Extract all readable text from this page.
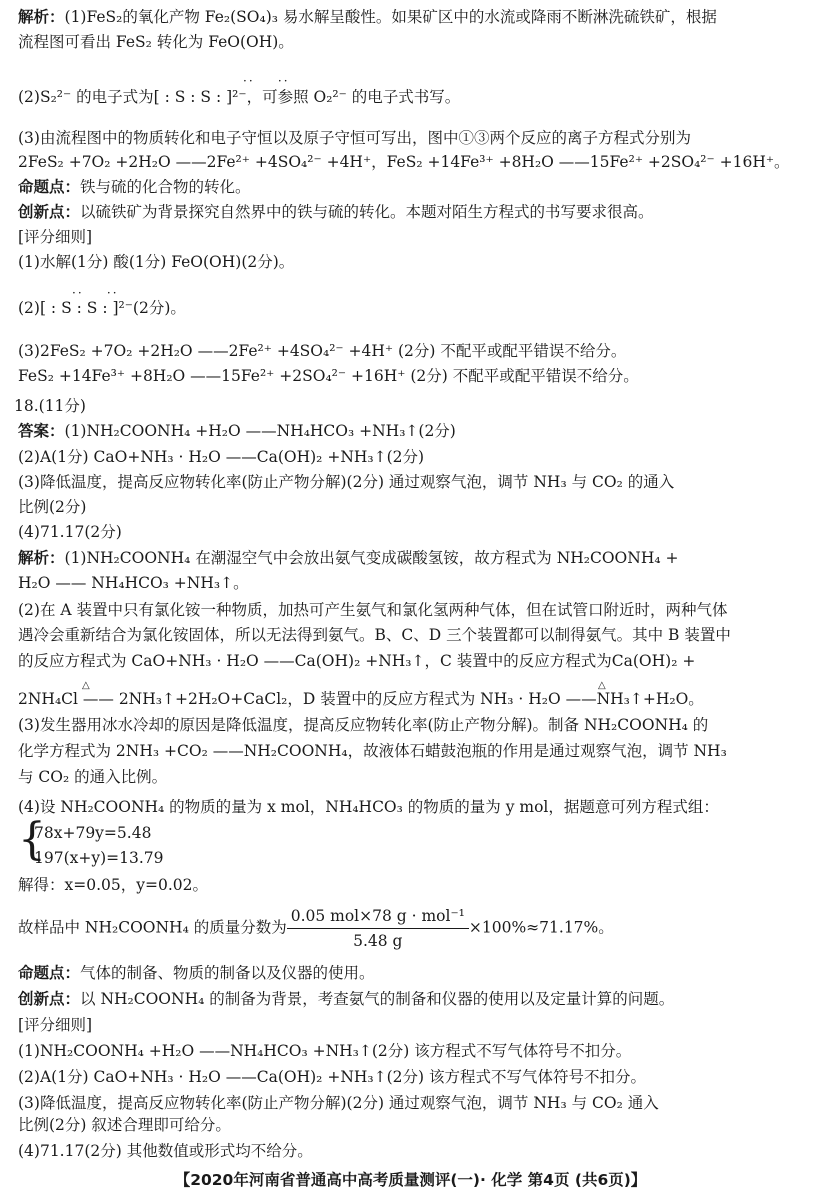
解析：(1)FeS₂的氧化产物 Fe₂(SO₄)₃ 易水解呈酸性。如果矿区中的水流或降雨不断淋洗硫铁矿，根据
流程图可看出 FeS₂ 转化为 FeO(OH)。
··    ··
(2)S₂²⁻ 的电子式为[ : S : S : ]²⁻，可参照 O₂²⁻ 的电子式书写。
(3)由流程图中的物质转化和电子守恒以及原子守恒可写出，图中①③两个反应的离子方程式分别为
2FeS₂ +7O₂ +2H₂O ——2Fe²⁺ +4SO₄²⁻ +4H⁺，FeS₂ +14Fe³⁺ +8H₂O ——15Fe²⁺ +2SO₄²⁻ +16H⁺。
命题点：铁与硫的化合物的转化。
创新点：以硫铁矿为背景探究自然界中的铁与硫的转化。本题对陌生方程式的书写要求很高。
[评分细则]
(1)水解(1分) 酸(1分) FeO(OH)(2分)。
··    ··
(2)[ : S : S : ]²⁻(2分)。
(3)2FeS₂ +7O₂ +2H₂O ——2Fe²⁺ +4SO₄²⁻ +4H⁺ (2分) 不配平或配平错误不给分。
FeS₂ +14Fe³⁺ +8H₂O ——15Fe²⁺ +2SO₄²⁻ +16H⁺ (2分) 不配平或配平错误不给分。
18.(11分)
答案：(1)NH₂COONH₄ +H₂O ——NH₄HCO₃ +NH₃↑(2分)
(2)A(1分) CaO+NH₃ · H₂O ——Ca(OH)₂ +NH₃↑(2分)
(3)降低温度，提高反应物转化率(防止产物分解)(2分) 通过观察气泡，调节 NH₃ 与 CO₂ 的通入
比例(2分)
(4)71.17(2分)
解析：(1)NH₂COONH₄ 在潮湿空气中会放出氨气变成碳酸氢铵，故方程式为 NH₂COONH₄ +
H₂O —— NH₄HCO₃ +NH₃↑。
(2)在 A 装置中只有氯化铵一种物质，加热可产生氨气和氯化氢两种气体，但在试管口附近时，两种气体
遇冷会重新结合为氯化铵固体，所以无法得到氨气。B、C、D 三个装置都可以制得氨气。其中 B 装置中
的反应方程式为 CaO+NH₃ · H₂O ——Ca(OH)₂ +NH₃↑，C 装置中的反应方程式为Ca(OH)₂ +
△	△
2NH₄Cl —— 2NH₃↑+2H₂O+CaCl₂，D 装置中的反应方程式为 NH₃ · H₂O ——NH₃↑+H₂O。
(3)发生器用冰水冷却的原因是降低温度，提高反应物转化率(防止产物分解)。制备 NH₂COONH₄ 的
化学方程式为 2NH₃ +CO₂ ——NH₂COONH₄，故液体石蜡鼓泡瓶的作用是通过观察气泡，调节 NH₃
与 CO₂ 的通入比例。
(4)设 NH₂COONH₄ 的物质的量为 x mol，NH₄HCO₃ 的物质的量为 y mol，据题意可列方程式组：
{
78x+79y=5.48
197(x+y)=13.79
解得：x=0.05，y=0.02。
故样品中 NH₂COONH₄ 的质量分数为 $\frac{\text{0.05 mol×78 g · mol⁻¹}}{5.48 g} \times 100\%\approx 71.17\%$。
命题点：气体的制备、物质的制备以及仪器的使用。
创新点：以 NH₂COONH₄ 的制备为背景，考查氨气的制备和仪器的使用以及定量计算的问题。
[评分细则]
(1)NH₂COONH₄ +H₂O ——NH₄HCO₃ +NH₃↑(2分) 该方程式不写气体符号不扣分。
(2)A(1分) CaO+NH₃ · H₂O ——Ca(OH)₂ +NH₃↑(2分) 该方程式不写气体符号不扣分。
(3)降低温度，提高反应物转化率(防止产物分解)(2分) 通过观察气泡，调节 NH₃ 与 CO₂ 通入
比例(2分) 叙述合理即可给分。
【2020年河南省普通高中高考质量测评(一)· 化学 第4页 (共6页)】
(4)71.17(2分) 其他数值或形式均不给分。
